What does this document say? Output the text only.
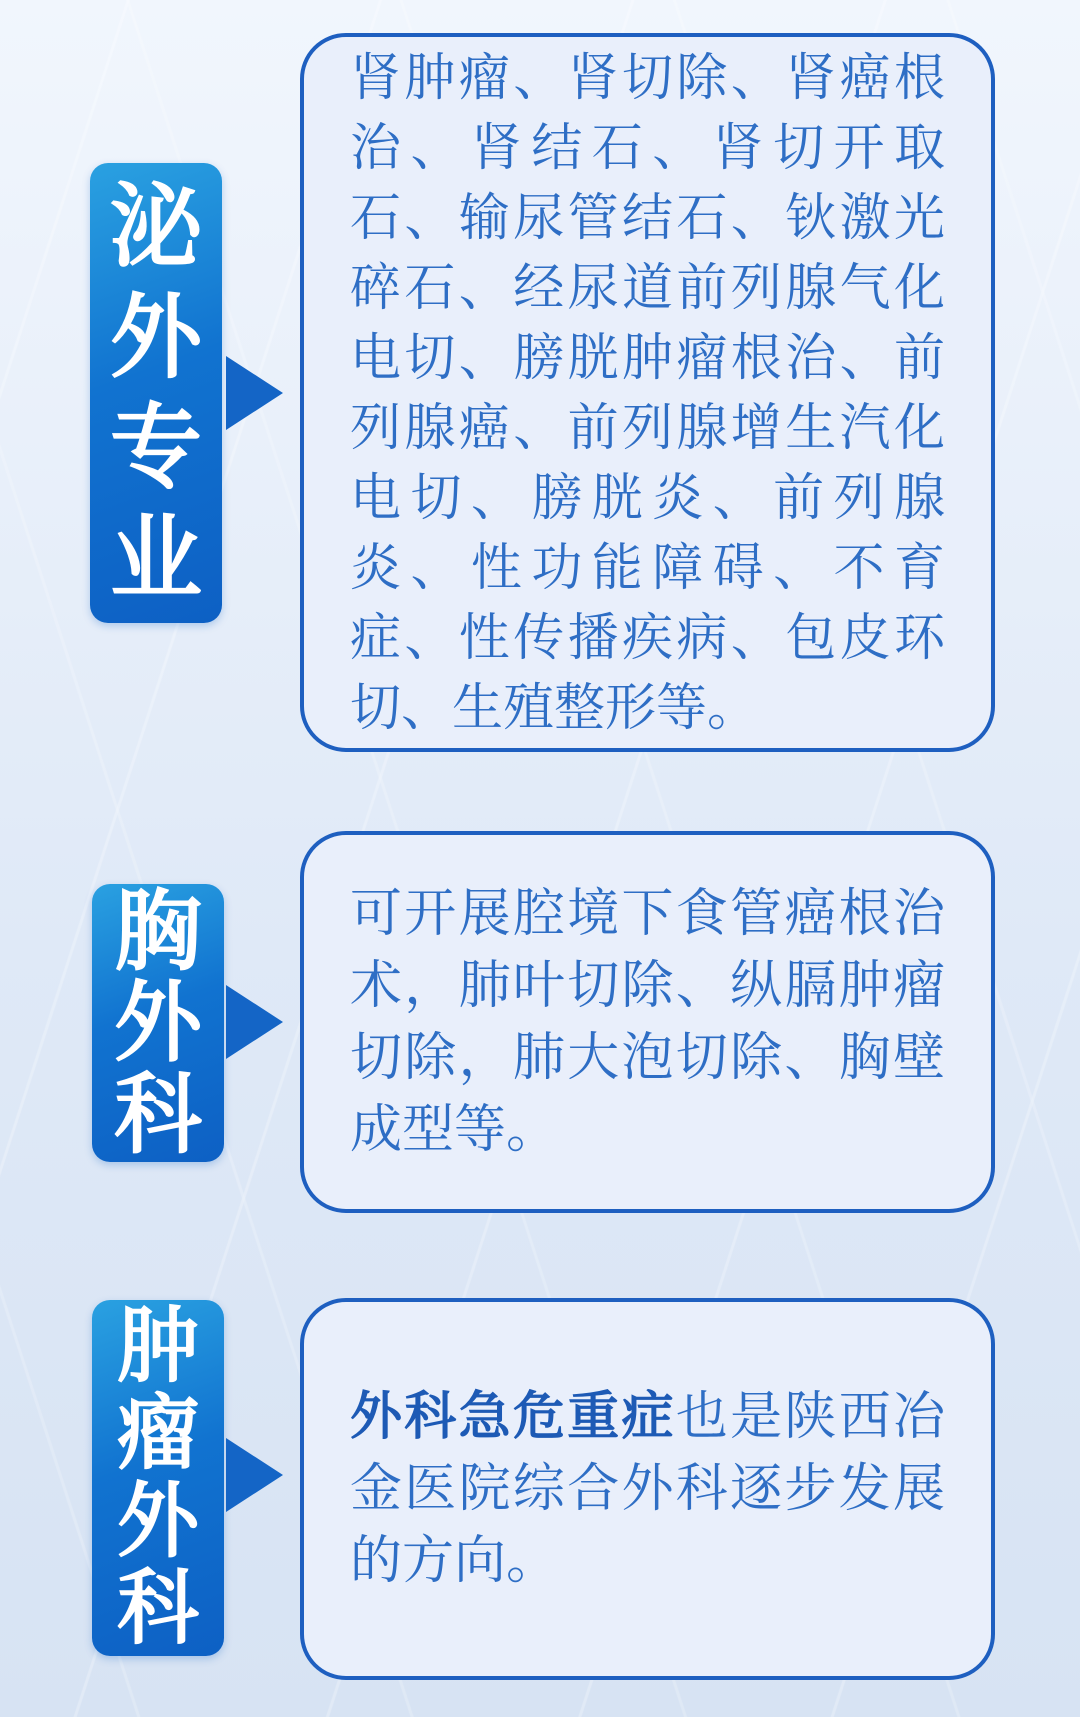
泌
外
专
业

肾肿瘤、肾切除、肾癌根治、肾结石、肾切开取石、输尿管结石、钬激光碎石、经尿道前列腺气化电切、膀胱肿瘤根治、前列腺癌、前列腺增生汽化电切、膀胱炎、前列腺炎、性功能障碍、不育症、性传播疾病、包皮环切、生殖整形等。

胸
外
科

可开展腔境下食管癌根治术，肺叶切除、纵膈肿瘤切除，肺大泡切除、胸壁成型等。

肿
瘤
外
科

外科急危重症也是陕西冶金医院综合外科逐步发展的方向。
